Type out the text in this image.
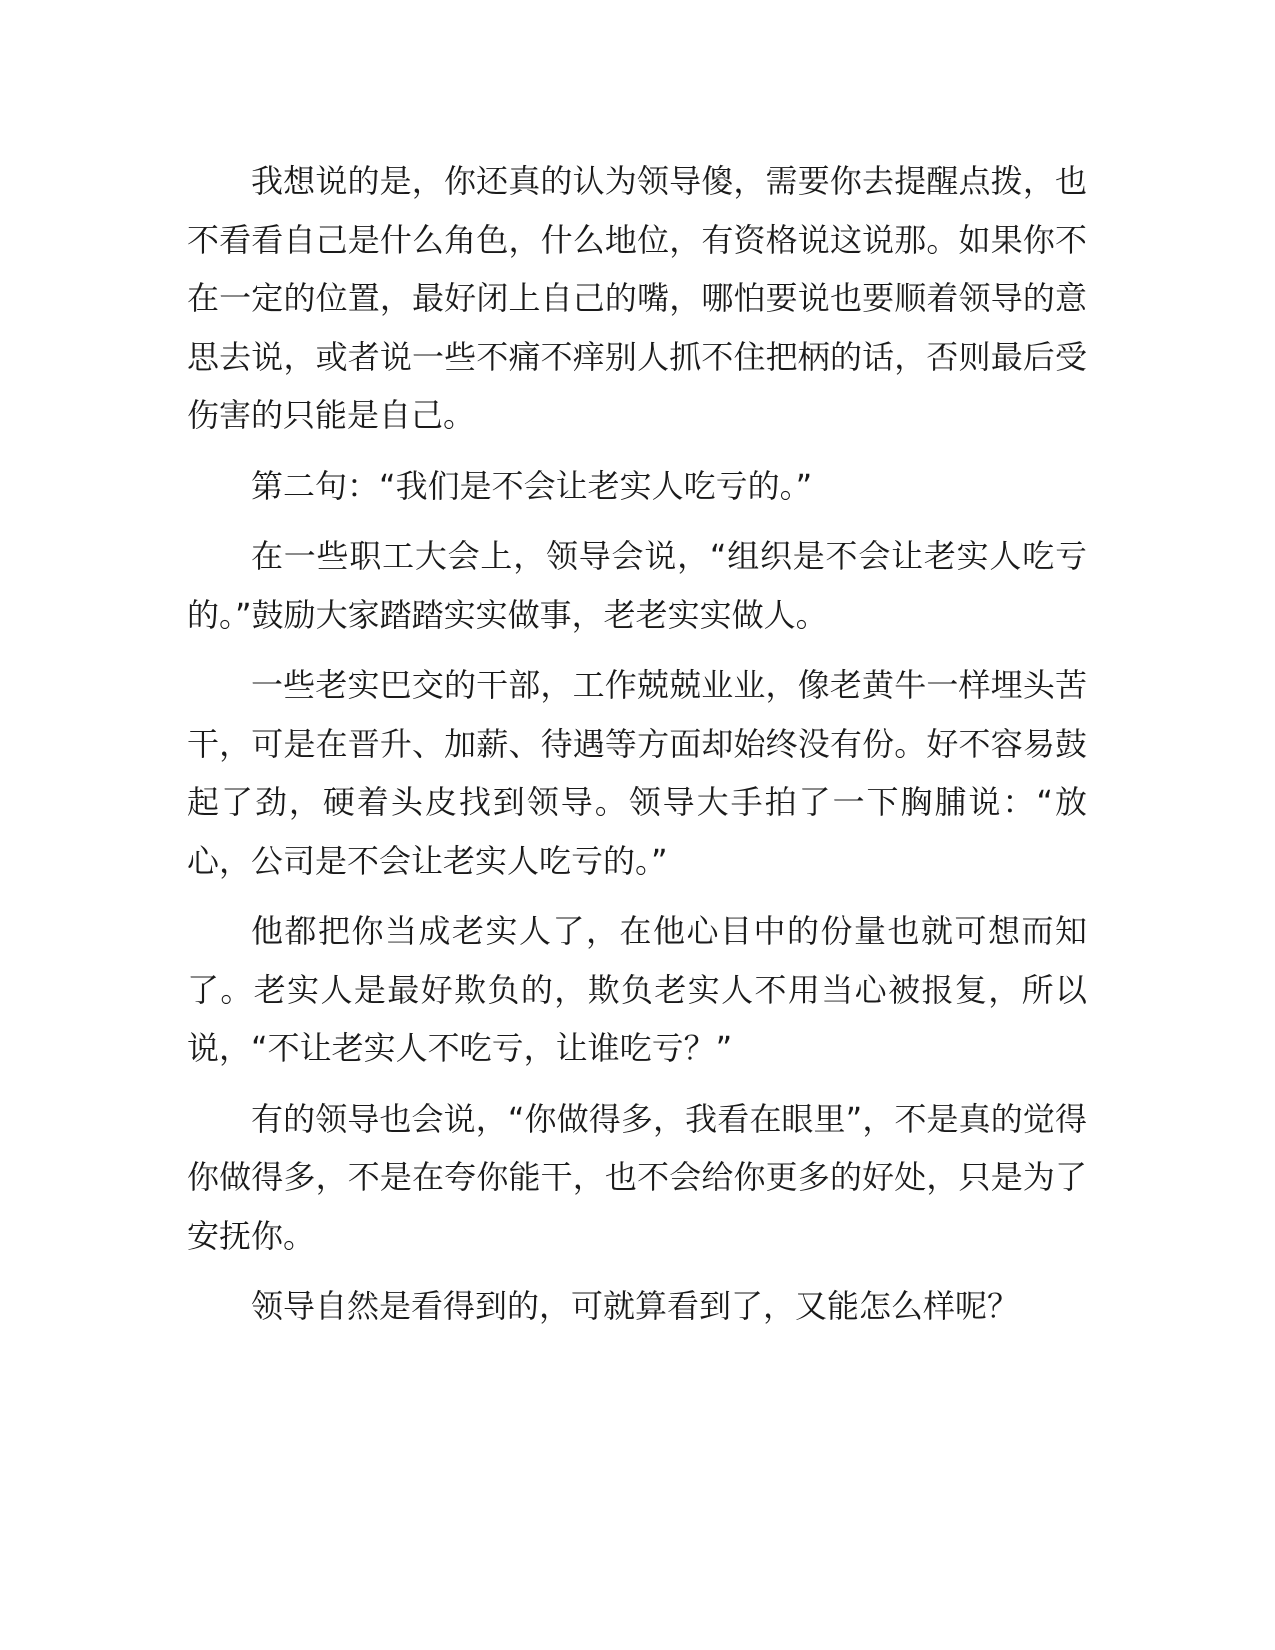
我想说的是，你还真的认为领导傻，需要你去提醒点拨，也不看看自己是什么角色，什么地位，有资格说这说那。如果你不在一定的位置，最好闭上自己的嘴，哪怕要说也要顺着领导的意思去说，或者说一些不痛不痒别人抓不住把柄的话，否则最后受伤害的只能是自己。

第二句：“我们是不会让老实人吃亏的。”

在一些职工大会上，领导会说，“组织是不会让老实人吃亏的。”鼓励大家踏踏实实做事，老老实实做人。

一些老实巴交的干部，工作兢兢业业，像老黄牛一样埋头苦干，可是在晋升、加薪、待遇等方面却始终没有份。好不容易鼓起了劲，硬着头皮找到领导。领导大手拍了一下胸脯说：“放心，公司是不会让老实人吃亏的。”

他都把你当成老实人了，在他心目中的份量也就可想而知了。老实人是最好欺负的，欺负老实人不用当心被报复，所以说，“不让老实人不吃亏，让谁吃亏？”

有的领导也会说，“你做得多，我看在眼里”，不是真的觉得你做得多，不是在夸你能干，也不会给你更多的好处，只是为了安抚你。

领导自然是看得到的，可就算看到了，又能怎么样呢？
